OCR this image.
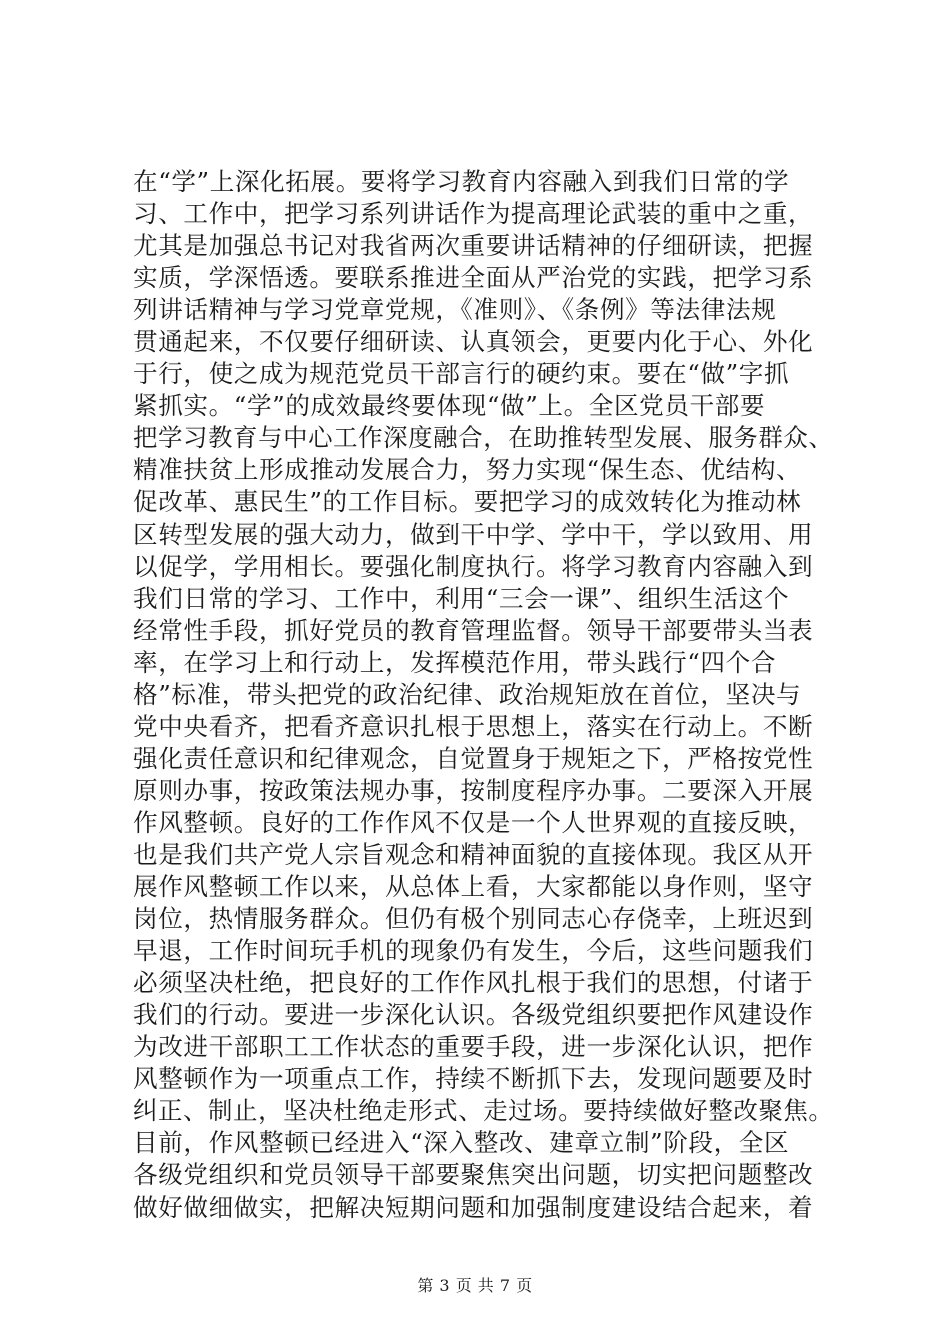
在“学”上深化拓展。要将学习教育内容融入到我们日常的学
习、工作中，把学习系列讲话作为提高理论武装的重中之重，
尤其是加强总书记对我省两次重要讲话精神的仔细研读，把握
实质，学深悟透。要联系推进全面从严治党的实践，把学习系
列讲话精神与学习党章党规，《准则》、《条例》等法律法规
贯通起来，不仅要仔细研读、认真领会，更要内化于心、外化
于行，使之成为规范党员干部言行的硬约束。要在“做”字抓
紧抓实。“学”的成效最终要体现“做”上。全区党员干部要
把学习教育与中心工作深度融合，在助推转型发展、服务群众、
精准扶贫上形成推动发展合力，努力实现“保生态、优结构、
促改革、惠民生”的工作目标。要把学习的成效转化为推动林
区转型发展的强大动力，做到干中学、学中干，学以致用、用
以促学，学用相长。要强化制度执行。将学习教育内容融入到
我们日常的学习、工作中，利用“三会一课”、组织生活这个
经常性手段，抓好党员的教育管理监督。领导干部要带头当表
率，在学习上和行动上，发挥模范作用，带头践行“四个合
格”标准，带头把党的政治纪律、政治规矩放在首位，坚决与
党中央看齐，把看齐意识扎根于思想上，落实在行动上。不断
强化责任意识和纪律观念，自觉置身于规矩之下，严格按党性
原则办事，按政策法规办事，按制度程序办事。二要深入开展
作风整顿。良好的工作作风不仅是一个人世界观的直接反映，
也是我们共产党人宗旨观念和精神面貌的直接体现。我区从开
展作风整顿工作以来，从总体上看，大家都能以身作则，坚守
岗位，热情服务群众。但仍有极个别同志心存侥幸，上班迟到
早退，工作时间玩手机的现象仍有发生，今后，这些问题我们
必须坚决杜绝，把良好的工作作风扎根于我们的思想，付诸于
我们的行动。要进一步深化认识。各级党组织要把作风建设作
为改进干部职工工作状态的重要手段，进一步深化认识，把作
风整顿作为一项重点工作，持续不断抓下去，发现问题要及时
纠正、制止，坚决杜绝走形式、走过场。要持续做好整改聚焦。
目前，作风整顿已经进入“深入整改、建章立制”阶段，全区
各级党组织和党员领导干部要聚焦突出问题，切实把问题整改
做好做细做实，把解决短期问题和加强制度建设结合起来，着
第 3 页 共 7 页
